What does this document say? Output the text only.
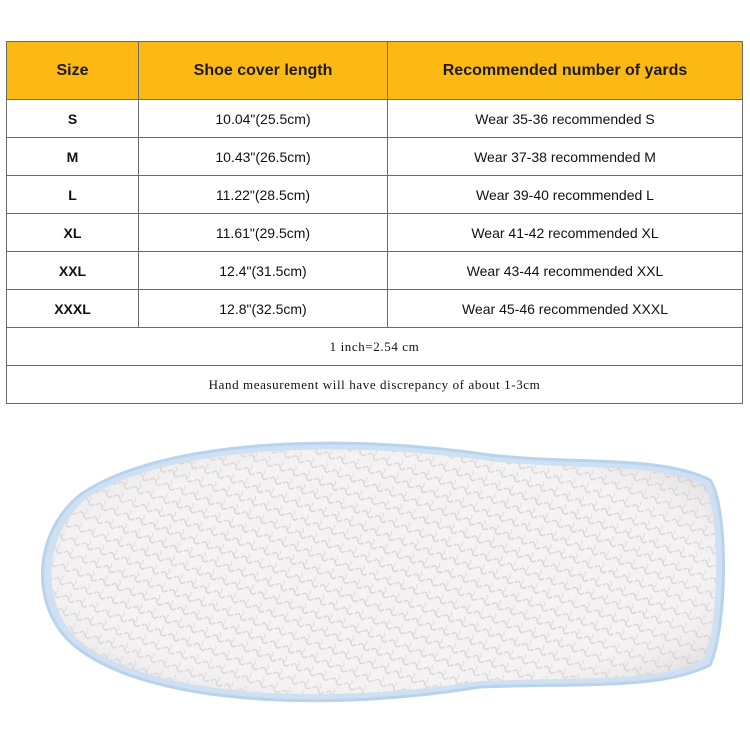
Size	Shoe cover length	Recommended number of yards
S	10.04"(25.5cm)	Wear 35-36 recommended S
M	10.43"(26.5cm)	Wear 37-38 recommended M
L	11.22"(28.5cm)	Wear 39-40 recommended L
XL	11.61"(29.5cm)	Wear 41-42 recommended XL
XXL	12.4"(31.5cm)	Wear 43-44 recommended XXL
XXXL	12.8"(32.5cm)	Wear 45-46 recommended XXXL
1 inch=2.54 cm		
Hand measurement will have discrepancy of about 1-3cm		
